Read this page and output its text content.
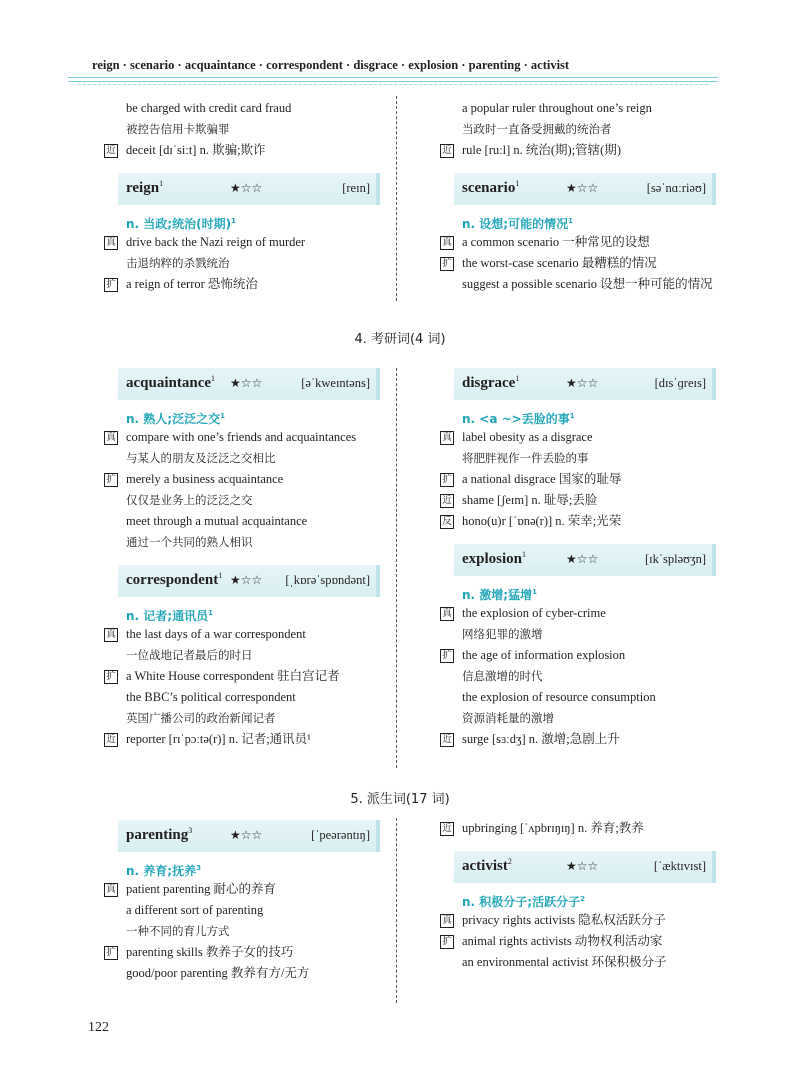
reign · scenario · acquaintance · correspondent · disgrace · explosion · parenting · activist
be charged with credit card fraud
被控告信用卡欺骗罪
近 deceit [dɪˈsiːt] n. 欺骗;欺诈
reign$^1$	★☆☆	[reɪn]
n. 当政;统治(时期)$^1$
真 drive back the Nazi reign of murder
击退纳粹的杀戮统治
扩 a reign of terror 恐怖统治
a popular ruler throughout one’s reign
当政时一直备受拥戴的统治者
近 rule [ruːl] n. 统治(期);管辖(期)
scenario$^1$	★☆☆	[səˈnɑːriəʊ]
n. 设想;可能的情况$^1$
真 a common scenario 一种常见的设想
扩 the worst-case scenario 最糟糕的情况
suggest a possible scenario 设想一种可能的情况
4. 考研词(4 词)
acquaintance$^1$ ★☆☆	[əˈkweɪntəns]
n. 熟人;泛泛之交$^1$
真 compare with one’s friends and acquaintances
与某人的朋友及泛泛之交相比
扩 merely a business acquaintance
仅仅是业务上的泛泛之交
meet through a mutual acquaintance
通过一个共同的熟人相识
correspondent$^1$ ★☆☆ [ˌkɒrəˈspɒndənt]
n. 记者;通讯员$^1$
真 the last days of a war correspondent
一位战地记者最后的时日
扩 a White House correspondent 驻白宫记者
the BBC’s political correspondent
英国广播公司的政治新闻记者
近 reporter [rɪˈpɔːtə(r)] n. 记者;通讯员¹
disgrace$^1$	★☆☆	[dɪsˈɡreɪs]
n. <a ~>丢脸的事$^1$
真 label obesity as a disgrace
将肥胖视作一件丢脸的事
扩 a national disgrace 国家的耻辱
近 shame [ʃeɪm] n. 耻辱;丢脸
反 hono(u)r [ˈɒnə(r)] n. 荣幸;光荣
explosion$^1$	★☆☆	[ɪkˈspləʊʒn]
n. 激增;猛增$^1$
真 the explosion of cyber-crime
网络犯罪的激增
扩 the age of information explosion
信息激增的时代
the explosion of resource consumption
资源消耗量的激增
近 surge [sɜːdʒ] n. 激增;急剧上升
5. 派生词(17 词)
parenting$^3$	★☆☆	[ˈpeərəntɪŋ]
n. 养育;抚养$^3$
真 patient parenting 耐心的养育
a different sort of parenting
一种不同的育儿方式
扩 parenting skills 教养子女的技巧
good/poor parenting 教养有方/无方
近 upbringing [ˈʌpbrɪŋɪŋ] n. 养育;教养
activist$^2$	★☆☆	[ˈæktɪvɪst]
n. 积极分子;活跃分子$^2$
真 privacy rights activists 隐私权活跃分子
扩 animal rights activists 动物权利活动家
an environmental activist 环保积极分子
122
